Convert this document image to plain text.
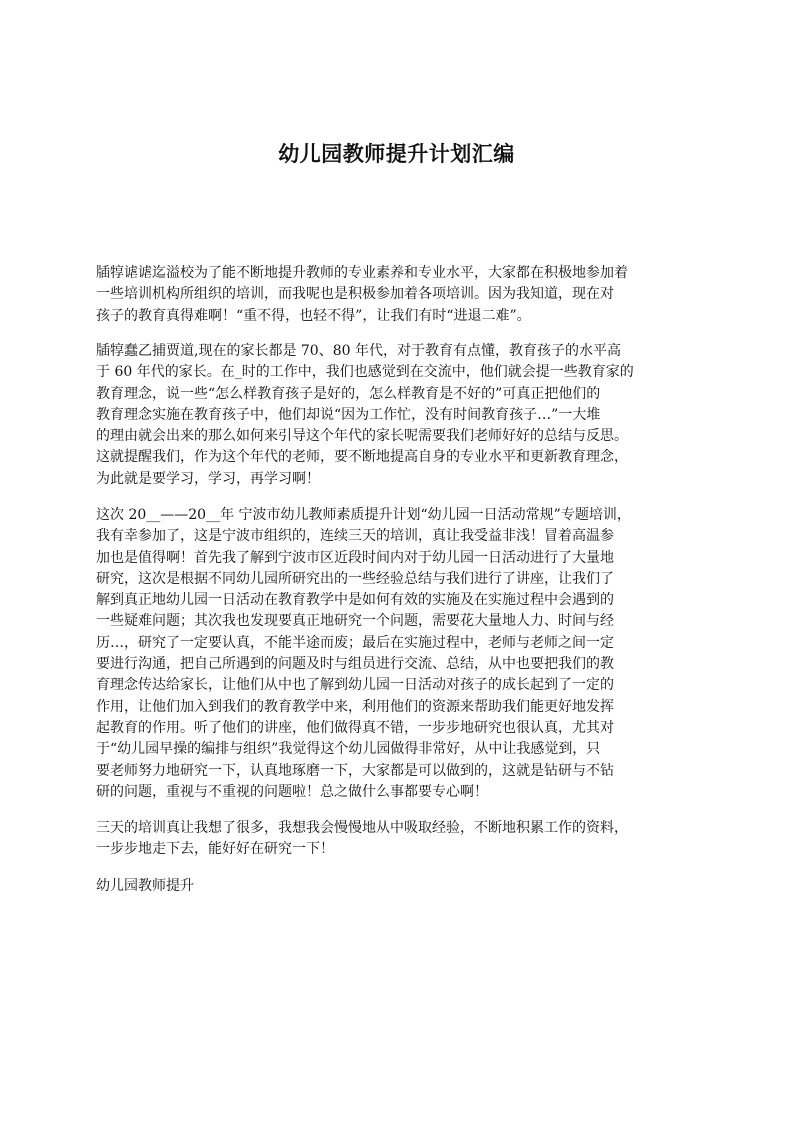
幼儿园教师提升计划汇编
牐犉谑谑迄溢校为了能不断地提升教师的专业素养和专业水平，大家都在积极地参加着
一些培训机构所组织的培训，而我呢也是积极参加着各项培训。因为我知道，现在对
孩子的教育真得难啊！“重不得，也轻不得”，让我们有时“进退二难”。
牐犉蠢乙捕贾道,现在的家长都是 70、80 年代，对于教育有点懂，教育孩子的水平高
于 60 年代的家长。在_时的工作中，我们也感觉到在交流中，他们就会提一些教育家的
教育理念，说一些“怎么样教育孩子是好的，怎么样教育是不好的”可真正把他们的
教育理念实施在教育孩子中，他们却说“因为工作忙，没有时间教育孩子…”一大堆
的理由就会出来的那么如何来引导这个年代的家长呢需要我们老师好好的总结与反思。
这就提醒我们，作为这个年代的老师，要不断地提高自身的专业水平和更新教育理念，
为此就是要学习，学习，再学习啊！
这次 20__——20__年 宁波市幼儿教师素质提升计划“幼儿园一日活动常规”专题培训，
我有幸参加了，这是宁波市组织的，连续三天的培训，真让我受益非浅！冒着高温参
加也是值得啊！首先我了解到宁波市区近段时间内对于幼儿园一日活动进行了大量地
研究，这次是根据不同幼儿园所研究出的一些经验总结与我们进行了讲座，让我们了
解到真正地幼儿园一日活动在教育教学中是如何有效的实施及在实施过程中会遇到的
一些疑难问题；其次我也发现要真正地研究一个问题，需要花大量地人力、时间与经
历…，研究了一定要认真，不能半途而废；最后在实施过程中，老师与老师之间一定
要进行沟通，把自己所遇到的问题及时与组员进行交流、总结，从中也要把我们的教
育理念传达给家长，让他们从中也了解到幼儿园一日活动对孩子的成长起到了一定的
作用，让他们加入到我们的教育教学中来，利用他们的资源来帮助我们能更好地发挥
起教育的作用。听了他们的讲座，他们做得真不错，一步步地研究也很认真，尤其对
于“幼儿园早操的编排与组织”我觉得这个幼儿园做得非常好，从中让我感觉到，只
要老师努力地研究一下，认真地琢磨一下，大家都是可以做到的，这就是钻研与不钻
研的问题，重视与不重视的问题啦！总之做什么事都要专心啊！
三天的培训真让我想了很多，我想我会慢慢地从中吸取经验，不断地积累工作的资料，
一步步地走下去，能好好在研究一下！
幼儿园教师提升
